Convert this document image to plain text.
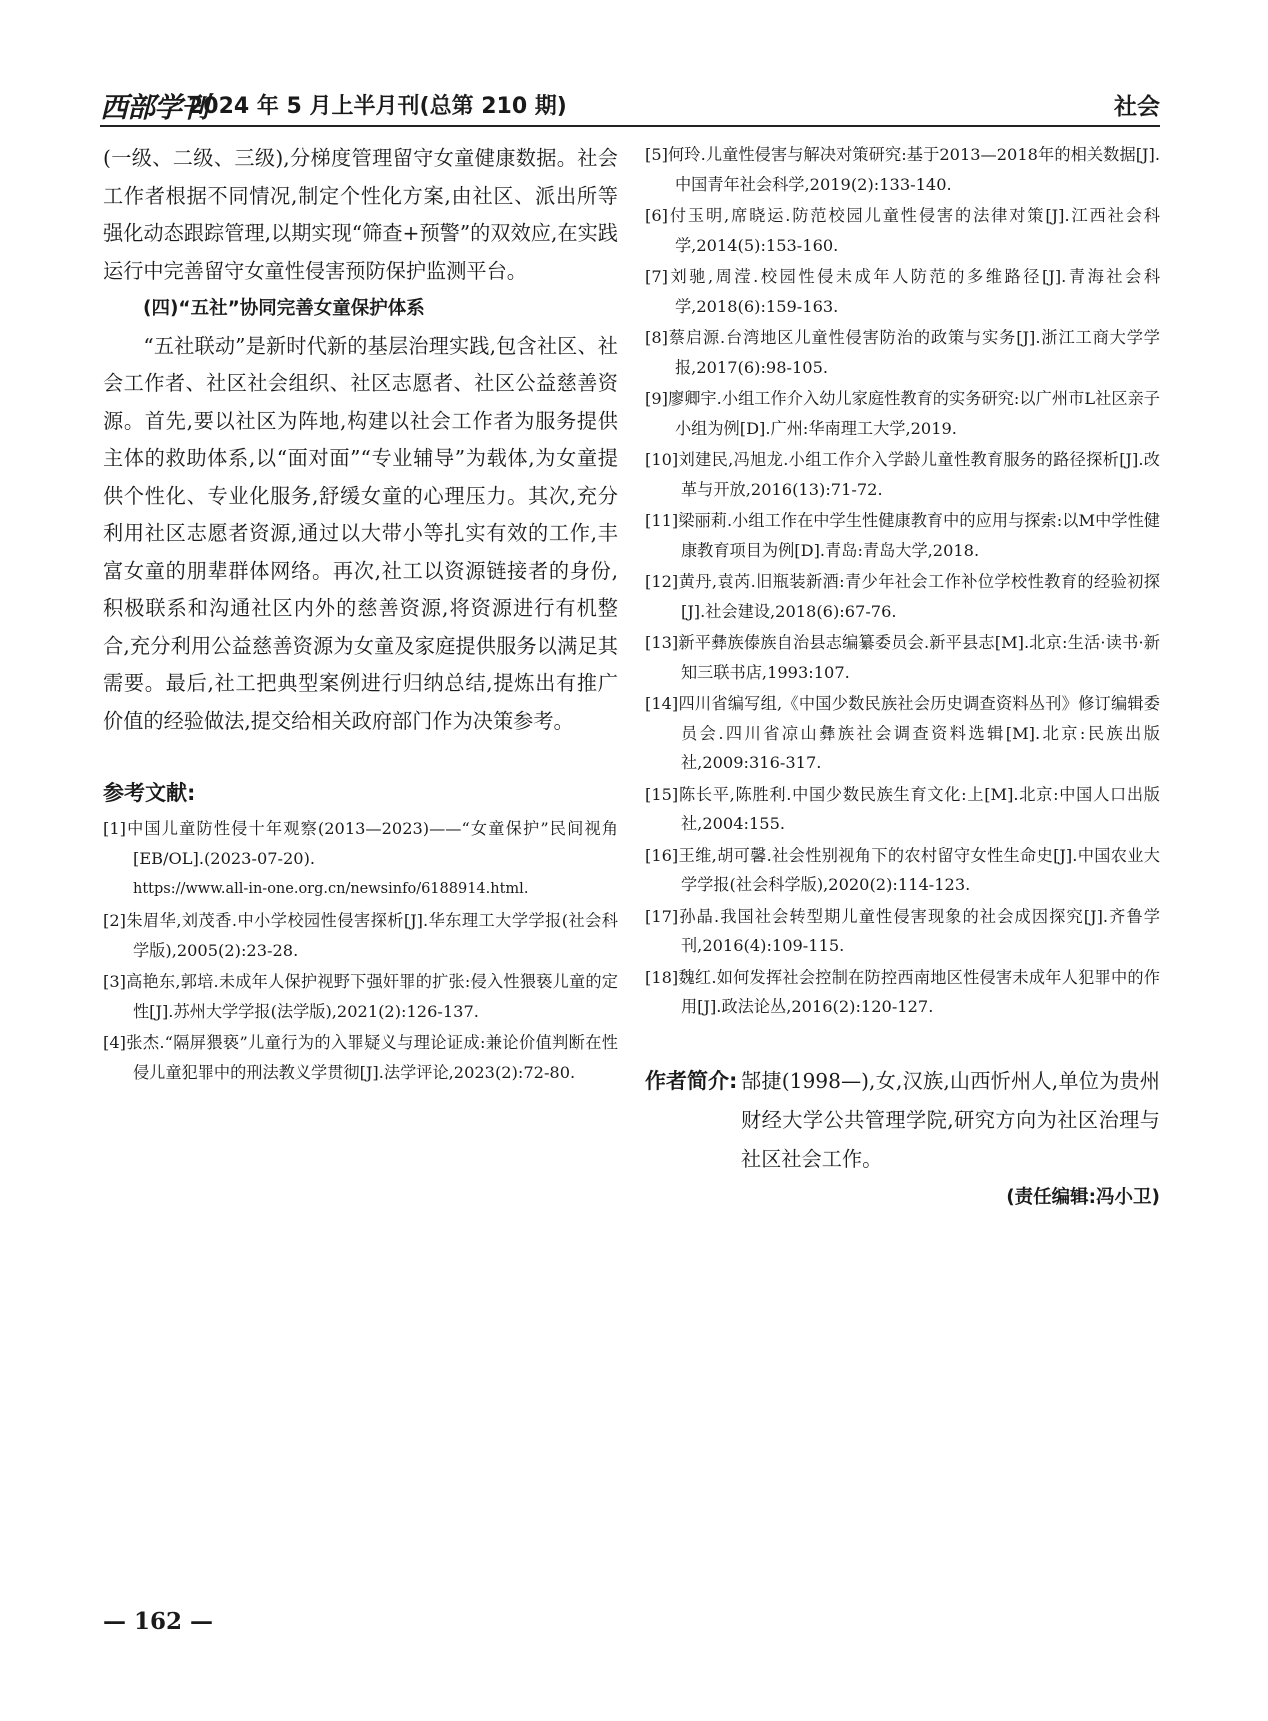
西部学刊
2024 年 5 月上半月刊(总第 210 期)	社会

(一级、二级、三级),分梯度管理留守女童健康数据。社会工作者根据不同情况,制定个性化方案,由社区、派出所等强化动态跟踪管理,以期实现“筛查+预警”的双效应,在实践运行中完善留守女童性侵害预防保护监测平台。

(四)“五社”协同完善女童保护体系

“五社联动”是新时代新的基层治理实践,包含社区、社会工作者、社区社会组织、社区志愿者、社区公益慈善资源。首先,要以社区为阵地,构建以社会工作者为服务提供主体的救助体系,以“面对面”“专业辅导”为载体,为女童提供个性化、专业化服务,舒缓女童的心理压力。其次,充分利用社区志愿者资源,通过以大带小等扎实有效的工作,丰富女童的朋辈群体网络。再次,社工以资源链接者的身份,积极联系和沟通社区内外的慈善资源,将资源进行有机整合,充分利用公益慈善资源为女童及家庭提供服务以满足其需要。最后,社工把典型案例进行归纳总结,提炼出有推广价值的经验做法,提交给相关政府部门作为决策参考。

参考文献:

[1]中国儿童防性侵十年观察(2013—2023)——“女童保护”民间视角[EB/OL].(2023-07-20).

https://www.all-in-one.org.cn/newsinfo/6188914.html.

[2]朱眉华,刘茂香.中小学校园性侵害探析[J].华东理工大学学报(社会科学版),2005(2):23-28.

[3]高艳东,郭培.未成年人保护视野下强奸罪的扩张:侵入性猥亵儿童的定性[J].苏州大学学报(法学版),2021(2):126-137.

[4]张杰.“隔屏猥亵”儿童行为的入罪疑义与理论证成:兼论价值判断在性侵儿童犯罪中的刑法教义学贯彻[J].法学评论,2023(2):72-80.

[5]何玲.儿童性侵害与解决对策研究:基于2013—2018年的相关数据[J].中国青年社会科学,2019(2):133-140.

[6]付玉明,席晓运.防范校园儿童性侵害的法律对策[J].江西社会科学,2014(5):153-160.

[7]刘驰,周滢.校园性侵未成年人防范的多维路径[J].青海社会科学,2018(6):159-163.

[8]蔡启源.台湾地区儿童性侵害防治的政策与实务[J].浙江工商大学学报,2017(6):98-105.

[9]廖卿宇.小组工作介入幼儿家庭性教育的实务研究:以广州市L社区亲子小组为例[D].广州:华南理工大学,2019.

[10]刘建民,冯旭龙.小组工作介入学龄儿童性教育服务的路径探析[J].改革与开放,2016(13):71-72.

[11]梁丽莉.小组工作在中学生性健康教育中的应用与探索:以M中学性健康教育项目为例[D].青岛:青岛大学,2018.

[12]黄丹,袁芮.旧瓶装新酒:青少年社会工作补位学校性教育的经验初探[J].社会建设,2018(6):67-76.

[13]新平彝族傣族自治县志编纂委员会.新平县志[M].北京:生活·读书·新知三联书店,1993:107.

[14]四川省编写组,《中国少数民族社会历史调查资料丛刊》修订编辑委员会.四川省凉山彝族社会调查资料选辑[M].北京:民族出版社,2009:316-317.

[15]陈长平,陈胜利.中国少数民族生育文化:上[M].北京:中国人口出版社,2004:155.

[16]王维,胡可馨.社会性别视角下的农村留守女性生命史[J].中国农业大学学报(社会科学版),2020(2):114-123.

[17]孙晶.我国社会转型期儿童性侵害现象的社会成因探究[J].齐鲁学刊,2016(4):109-115.

[18]魏红.如何发挥社会控制在防控西南地区性侵害未成年人犯罪中的作用[J].政法论丛,2016(2):120-127.

作者简介: 郜捷(1998—),女,汉族,山西忻州人,单位为贵州财经大学公共管理学院,研究方向为社区治理与社区社会工作。
(责任编辑:冯小卫)
— 162 —
